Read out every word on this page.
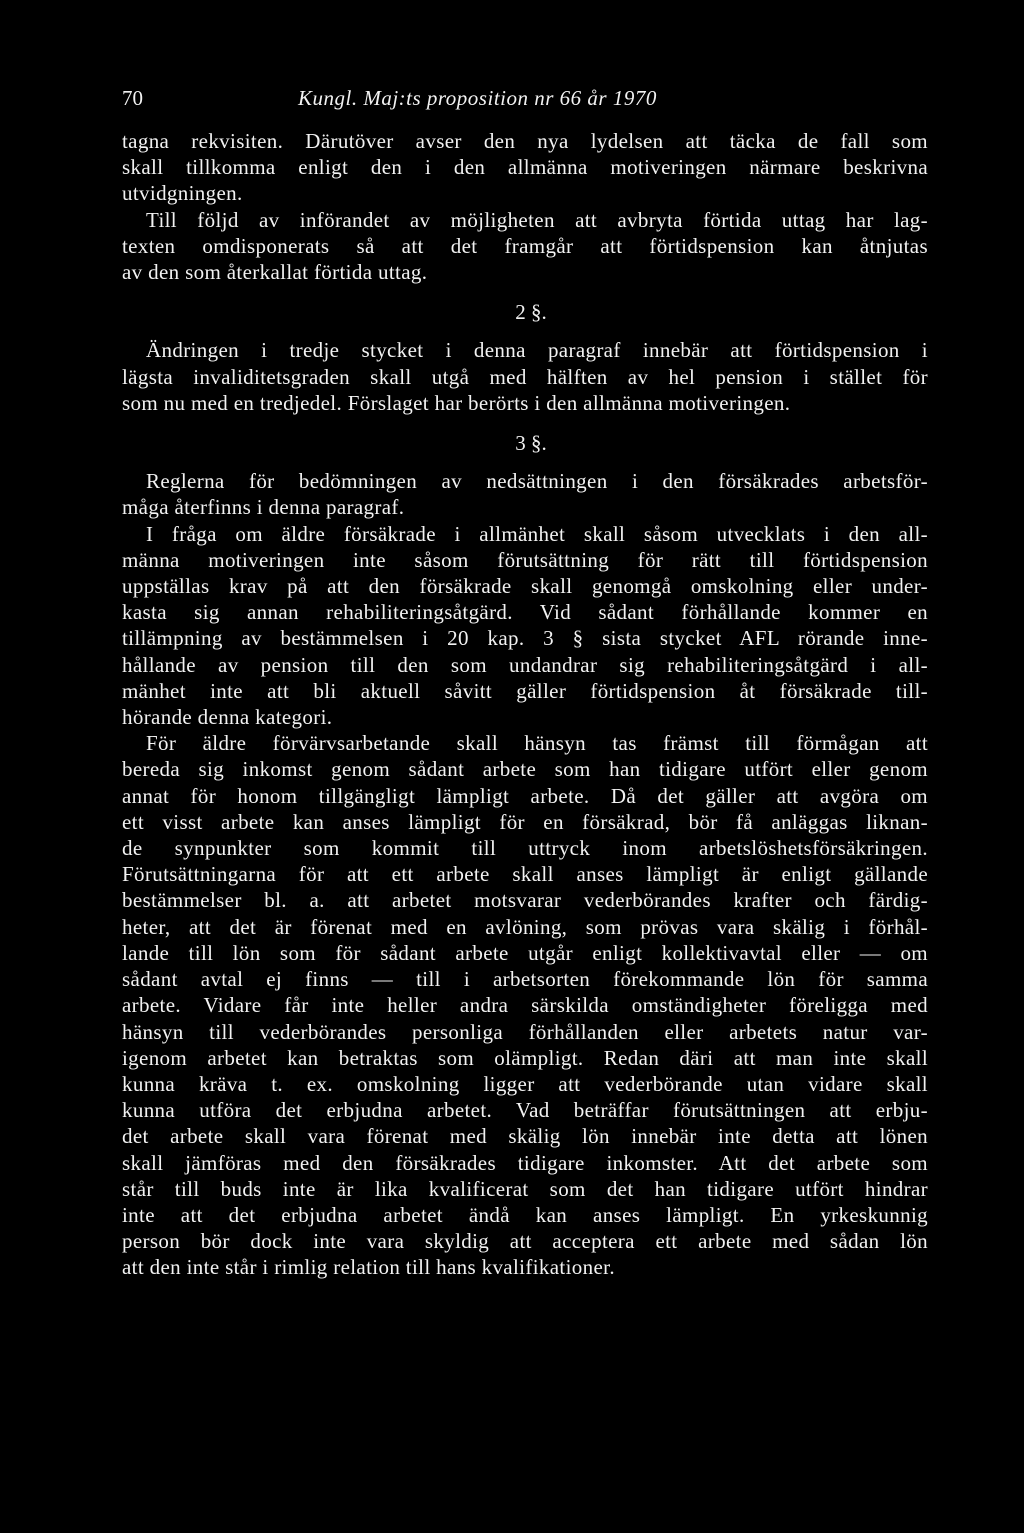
70	Kungl. Maj:ts proposition nr 66 år 1970
tagna rekvisiten. Därutöver avser den nya lydelsen att täcka de fall som
skall tillkomma enligt den i den allmänna motiveringen närmare beskrivna
utvidgningen.
Till följd av införandet av möjligheten att avbryta förtida uttag har lag-
texten omdisponerats så att det framgår att förtidspension kan åtnjutas
av den som återkallat förtida uttag.
2 §.
Ändringen i tredje stycket i denna paragraf innebär att förtidspension i
lägsta invaliditetsgraden skall utgå med hälften av hel pension i stället för
som nu med en tredjedel. Förslaget har berörts i den allmänna motiveringen.
3 §.
Reglerna för bedömningen av nedsättningen i den försäkrades arbetsför-
måga återfinns i denna paragraf.
I fråga om äldre försäkrade i allmänhet skall såsom utvecklats i den all-
männa motiveringen inte såsom förutsättning för rätt till förtidspension
uppställas krav på att den försäkrade skall genomgå omskolning eller under-
kasta sig annan rehabiliteringsåtgärd. Vid sådant förhållande kommer en
tillämpning av bestämmelsen i 20 kap. 3 § sista stycket AFL rörande inne-
hållande av pension till den som undandrar sig rehabiliteringsåtgärd i all-
mänhet inte att bli aktuell såvitt gäller förtidspension åt försäkrade till-
hörande denna kategori.
För äldre förvärvsarbetande skall hänsyn tas främst till förmågan att
bereda sig inkomst genom sådant arbete som han tidigare utfört eller genom
annat för honom tillgängligt lämpligt arbete. Då det gäller att avgöra om
ett visst arbete kan anses lämpligt för en försäkrad, bör få anläggas liknan-
de synpunkter som kommit till uttryck inom arbetslöshetsförsäkringen.
Förutsättningarna för att ett arbete skall anses lämpligt är enligt gällande
bestämmelser bl. a. att arbetet motsvarar vederbörandes krafter och färdig-
heter, att det är förenat med en avlöning, som prövas vara skälig i förhål-
lande till lön som för sådant arbete utgår enligt kollektivavtal eller — om
sådant avtal ej finns — till i arbetsorten förekommande lön för samma
arbete. Vidare får inte heller andra särskilda omständigheter föreligga med
hänsyn till vederbörandes personliga förhållanden eller arbetets natur var-
igenom arbetet kan betraktas som olämpligt. Redan däri att man inte skall
kunna kräva t. ex. omskolning ligger att vederbörande utan vidare skall
kunna utföra det erbjudna arbetet. Vad beträffar förutsättningen att erbju-
det arbete skall vara förenat med skälig lön innebär inte detta att lönen
skall jämföras med den försäkrades tidigare inkomster. Att det arbete som
står till buds inte är lika kvalificerat som det han tidigare utfört hindrar
inte att det erbjudna arbetet ändå kan anses lämpligt. En yrkeskunnig
person bör dock inte vara skyldig att acceptera ett arbete med sådan lön
att den inte står i rimlig relation till hans kvalifikationer.
